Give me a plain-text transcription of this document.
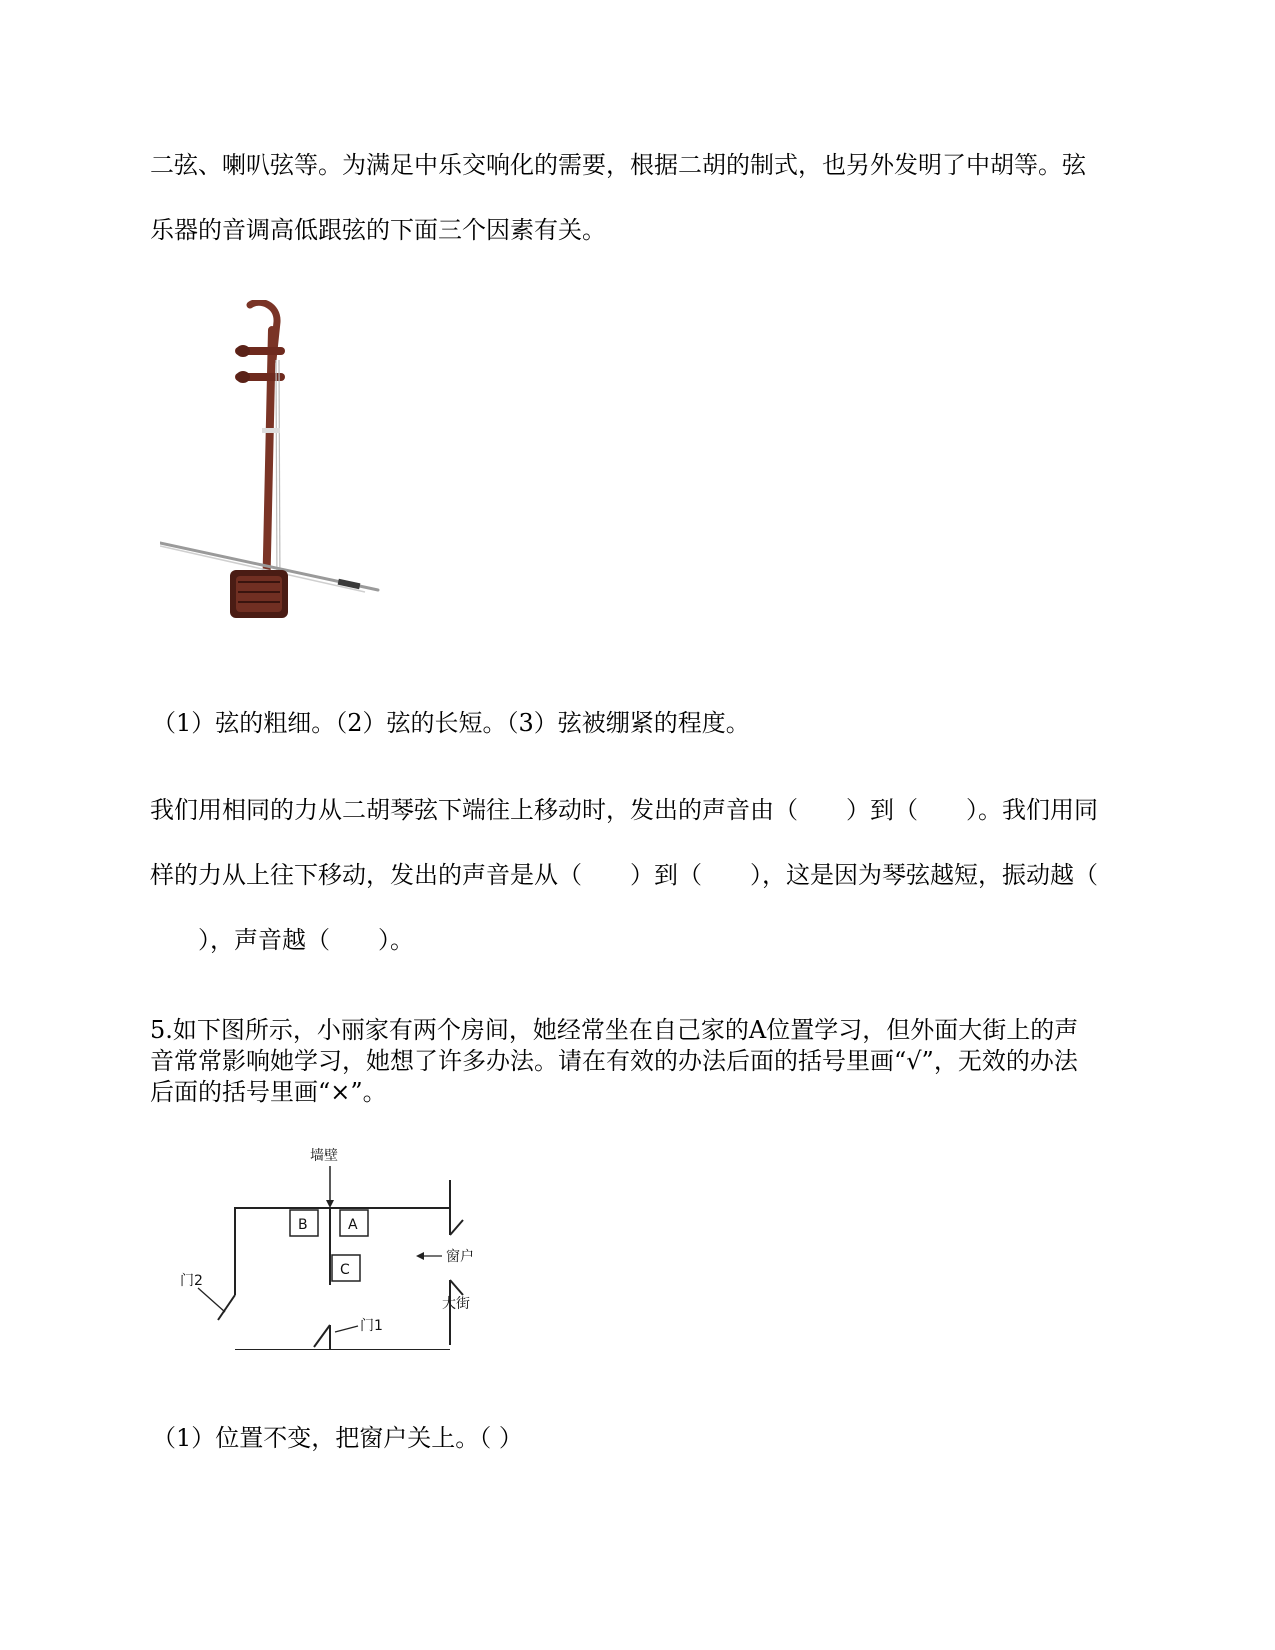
二弦、喇叭弦等。为满足中乐交响化的需要，根据二胡的制式，也另外发明了中胡等。弦
乐器的音调高低跟弦的下面三个因素有关。
（1）弦的粗细。（2）弦的长短。（3）弦被绷紧的程度。
我们用相同的力从二胡琴弦下端往上移动时，发出的声音由（　　）到（　　）。我们用同
样的力从上往下移动，发出的声音是从（　　）到（　　），这是因为琴弦越短，振动越（
　　），声音越（　　）。
5.如下图所示，小丽家有两个房间，她经常坐在自己家的A位置学习，但外面大街上的声
音常常影响她学习，她想了许多办法。请在有效的办法后面的括号里画“√”，无效的办法
后面的括号里画“×”。
墙壁
门2
门1
B	A
C
窗户
大街
（1）位置不变，把窗户关上。（ ）
